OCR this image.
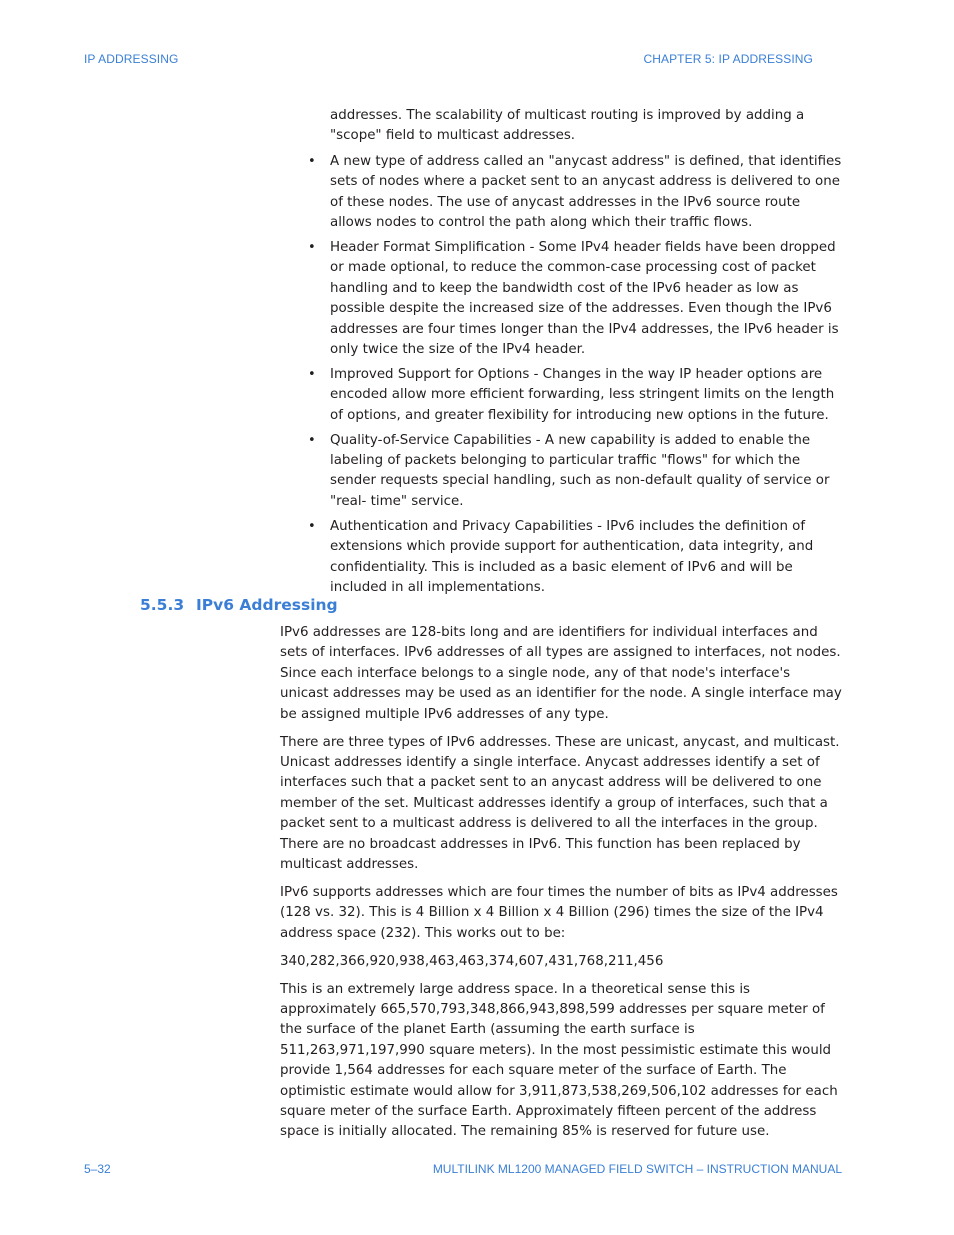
IP ADDRESSING	CHAPTER 5: IP ADDRESSING
addresses. The scalability of multicast routing is improved by adding a "scope" field to multicast addresses.
• A new type of address called an "anycast address" is defined, that identifies sets of nodes where a packet sent to an anycast address is delivered to one of these nodes. The use of anycast addresses in the IPv6 source route allows nodes to control the path along which their traffic flows.
• Header Format Simplification - Some IPv4 header fields have been dropped or made optional, to reduce the common-case processing cost of packet handling and to keep the bandwidth cost of the IPv6 header as low as possible despite the increased size of the addresses. Even though the IPv6 addresses are four times longer than the IPv4 addresses, the IPv6 header is only twice the size of the IPv4 header.
• Improved Support for Options - Changes in the way IP header options are encoded allow more efficient forwarding, less stringent limits on the length of options, and greater flexibility for introducing new options in the future.
• Quality-of-Service Capabilities - A new capability is added to enable the labeling of packets belonging to particular traffic "flows" for which the sender requests special handling, such as non-default quality of service or "real- time" service.
• Authentication and Privacy Capabilities - IPv6 includes the definition of extensions which provide support for authentication, data integrity, and confidentiality. This is included as a basic element of IPv6 and will be included in all implementations.
5.5.3 IPv6 Addressing

IPv6 addresses are 128-bits long and are identifiers for individual interfaces and sets of interfaces. IPv6 addresses of all types are assigned to interfaces, not nodes. Since each interface belongs to a single node, any of that node's interface's unicast addresses may be used as an identifier for the node. A single interface may be assigned multiple IPv6 addresses of any type.

There are three types of IPv6 addresses. These are unicast, anycast, and multicast. Unicast addresses identify a single interface. Anycast addresses identify a set of interfaces such that a packet sent to an anycast address will be delivered to one member of the set. Multicast addresses identify a group of interfaces, such that a packet sent to a multicast address is delivered to all the interfaces in the group. There are no broadcast addresses in IPv6. This function has been replaced by multicast addresses.

IPv6 supports addresses which are four times the number of bits as IPv4 addresses (128 vs. 32). This is 4 Billion x 4 Billion x 4 Billion (296) times the size of the IPv4 address space (232). This works out to be:

340,282,366,920,938,463,463,374,607,431,768,211,456

This is an extremely large address space. In a theoretical sense this is approximately 665,570,793,348,866,943,898,599 addresses per square meter of the surface of the planet Earth (assuming the earth surface is 511,263,971,197,990 square meters). In the most pessimistic estimate this would provide 1,564 addresses for each square meter of the surface of Earth. The optimistic estimate would allow for 3,911,873,538,269,506,102 addresses for each square meter of the surface Earth. Approximately fifteen percent of the address space is initially allocated. The remaining 85% is reserved for future use.

5–32	MULTILINK ML1200 MANAGED FIELD SWITCH – INSTRUCTION MANUAL
